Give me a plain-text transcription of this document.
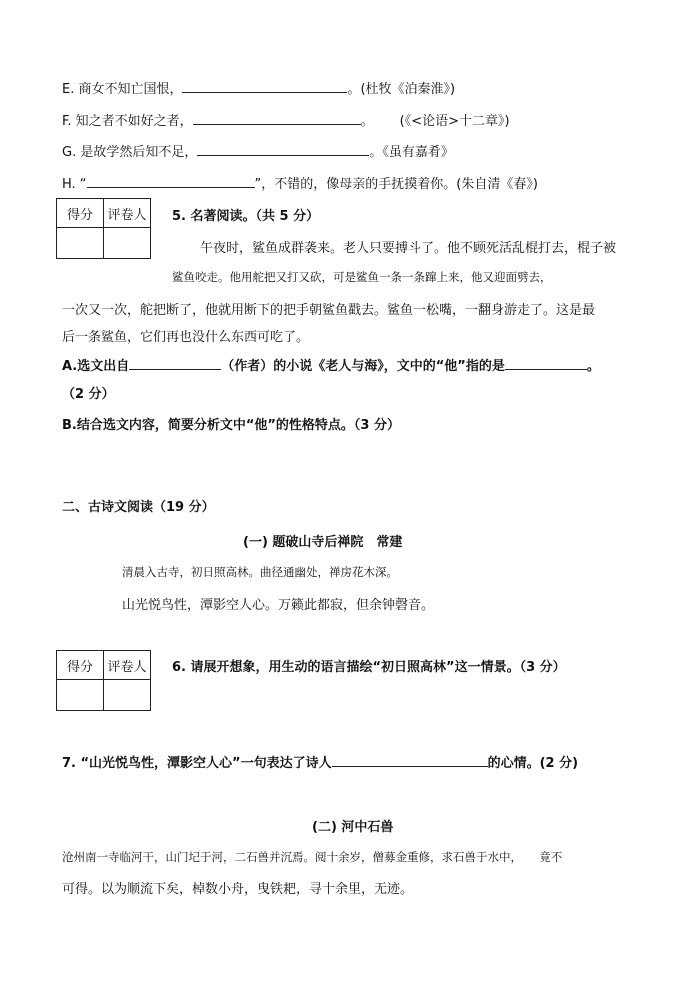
E. 商女不知亡国恨，	。(杜牧《泊秦淮》)
F. 知之者不如好之者，	。 (《<论语>十二章》)
G. 是故学然后知不足，	。《虽有嘉肴》
H. “	”，不错的，像母亲的手抚摸着你。(朱自清《春》)
得分	评卷人
	5. 名著阅读。（共 5 分）
午夜时，鲨鱼成群袭来。老人只要搏斗了。他不顾死活乱棍打去，棍子被
鲨鱼咬走。他用舵把又打又砍，可是鲨鱼一条一条蹿上来，他又迎面劈去，
一次又一次，舵把断了，他就用断下的把手朝鲨鱼戳去。鲨鱼一松嘴，一翻身游走了。这是最
后一条鲨鱼，它们再也没什么东西可吃了。
A.选文出自	（作者）的小说《老人与海》，文中的“他”指的是	。
（2 分）
B.结合选文内容，简要分析文中“他”的性格特点。（3 分）
二、古诗文阅读（19 分）
(一) 题破山寺后禅院　常建
清晨入古寺，初日照高林。曲径通幽处，禅房花木深。
山光悦鸟性，潭影空人心。万籁此都寂，但余钟磬音。
得分	评卷人
	6. 请展开想象，用生动的语言描绘“初日照高林”这一情景。（3 分）
7. “山光悦鸟性，潭影空人心”一句表达了诗人	的心情。(2 分)
(二) 河中石兽
沧州南一寺临河干，山门圮于河，二石兽并沉焉。阅十余岁，僧募金重修，求石兽于水中，　　竟不
可得。以为顺流下矣，棹数小舟，曳铁耙，寻十余里，无迹。
